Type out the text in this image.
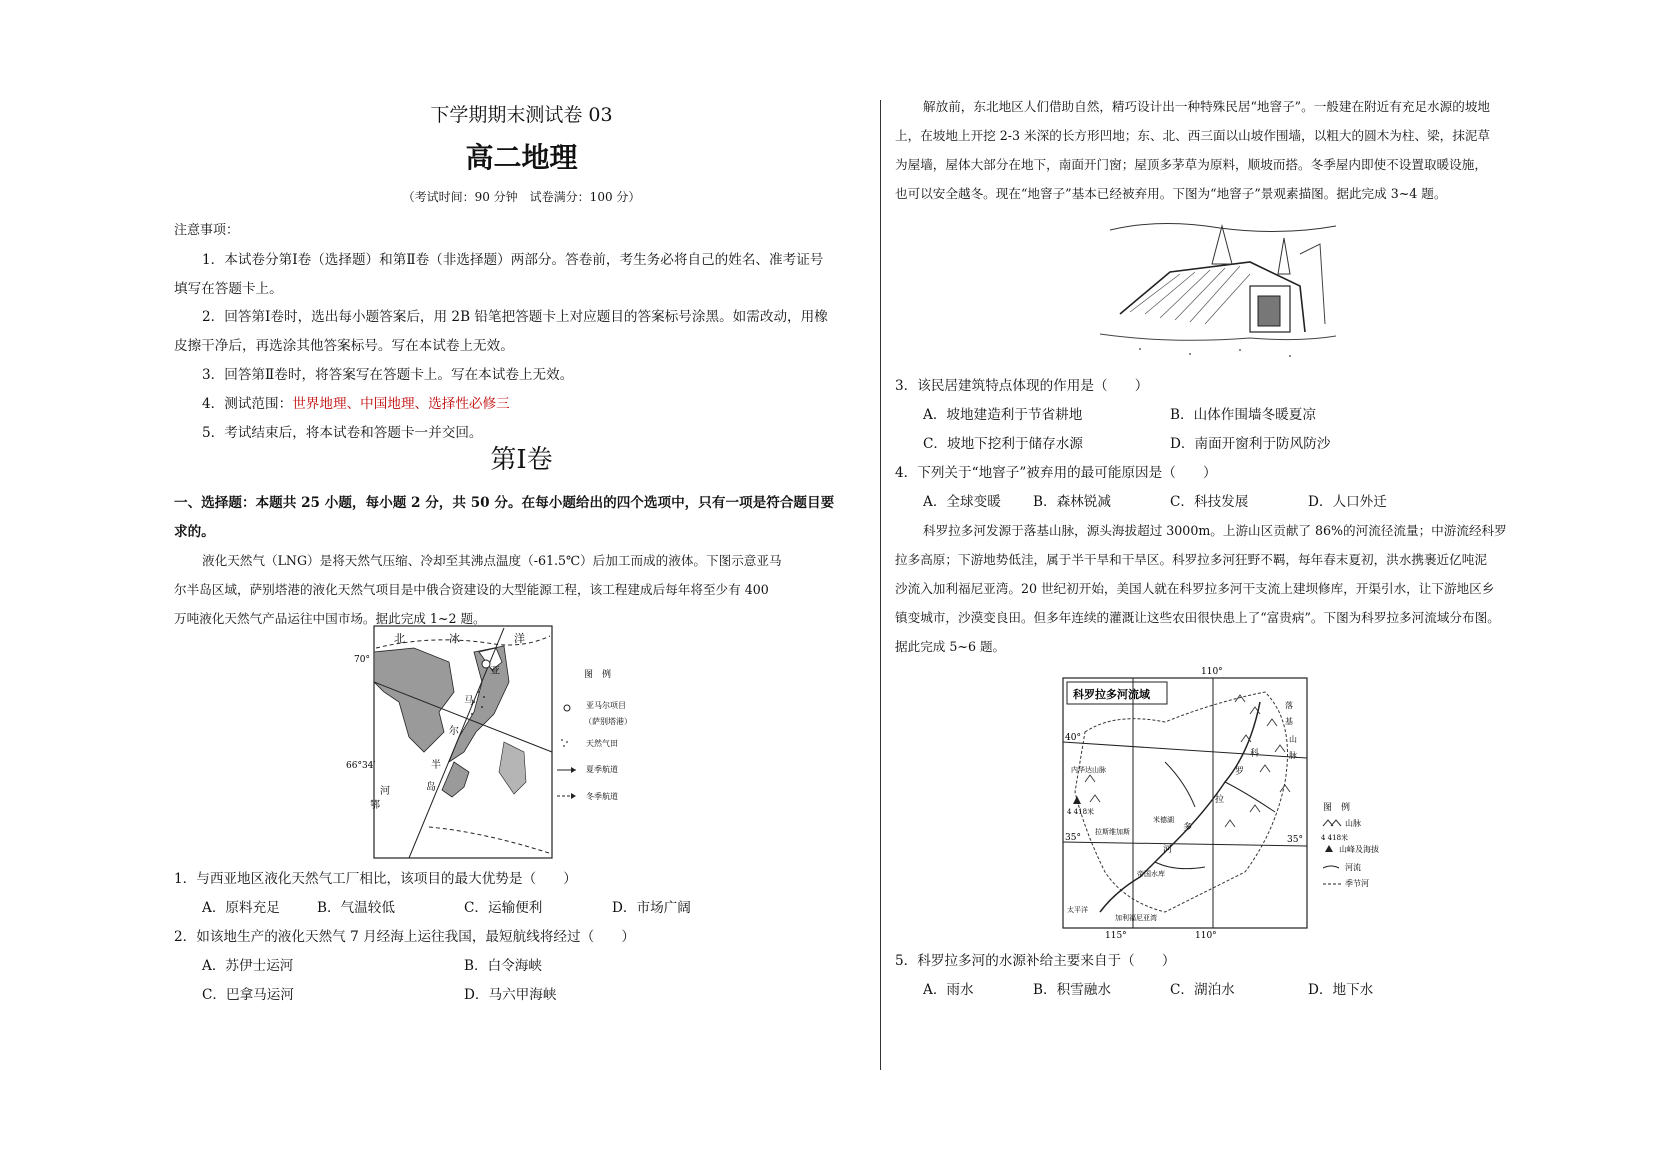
下学期期末测试卷 03
高二地理
（考试时间：90 分钟　试卷满分：100 分）
注意事项：
1．本试卷分第Ⅰ卷（选择题）和第Ⅱ卷（非选择题）两部分。答卷前，考生务必将自己的姓名、准考证号
填写在答题卡上。
2．回答第Ⅰ卷时，选出每小题答案后，用 2B 铅笔把答题卡上对应题目的答案标号涂黑。如需改动，用橡
皮擦干净后，再选涂其他答案标号。写在本试卷上无效。
3．回答第Ⅱ卷时，将答案写在答题卡上。写在本试卷上无效。
4．测试范围：世界地理、中国地理、选择性必修三
5．考试结束后，将本试卷和答题卡一并交回。
第Ⅰ卷
一、选择题：本题共 25 小题，每小题 2 分，共 50 分。在每小题给出的四个选项中，只有一项是符合题目要
求的。
液化天然气（LNG）是将天然气压缩、冷却至其沸点温度（-61.5℃）后加工而成的液体。下图示意亚马
尔半岛区域，萨别塔港的液化天然气项目是中俄合资建设的大型能源工程，该工程建成后每年将至少有 400
万吨液化天然气产品运往中国市场。据此完成 1~2 题。
北	冰	洋
70°
66°34′
亚
马
尔
半
岛
河
鄂
图　例
亚马尔项目
（萨别塔港）
天然气田
夏季航道
冬季航道
1．与西亚地区液化天然气工厂相比，该项目的最大优势是（　　）
A．原料充足	B．气温较低	C．运输便利	D．市场广阔
2．如该地生产的液化天然气 7 月经海上运往我国，最短航线将经过（　　）
A．苏伊士运河	B．白令海峡
C．巴拿马运河	D．马六甲海峡
解放前，东北地区人们借助自然，精巧设计出一种特殊民居“地窨子”。一般建在附近有充足水源的坡地
上，在坡地上开挖 2-3 米深的长方形凹地；东、北、西三面以山坡作围墙，以粗大的圆木为柱、梁，抹泥草
为屋墙，屋体大部分在地下，南面开门窗；屋顶多茅草为原料，顺坡而搭。冬季屋内即使不设置取暖设施，
也可以安全越冬。现在“地窨子”基本已经被弃用。下图为“地窨子”景观素描图。据此完成 3~4 题。
3．该民居建筑特点体现的作用是（　　）
A．坡地建造利于节省耕地	B．山体作围墙冬暖夏凉
C．坡地下挖利于储存水源	D．南面开窗利于防风防沙
4．下列关于“地窨子”被弃用的最可能原因是（　　）
A．全球变暖 B．森林锐减	C．科技发展	D．人口外迁
科罗拉多河发源于落基山脉，源头海拔超过 3000m。上游山区贡献了 86%的河流径流量；中游流经科罗
拉多高原；下游地势低洼，属于半干旱和干旱区。科罗拉多河狂野不羁，每年春末夏初，洪水携裹近亿吨泥
沙流入加利福尼亚湾。20 世纪初开始，美国人就在科罗拉多河干支流上建坝修库，开渠引水，让下游地区乡
镇变城市，沙漠变良田。但多年连续的灌溉让这些农田很快患上了“富贵病”。下图为科罗拉多河流域分布图。
据此完成 5~6 题。
科罗拉多河流域
110°
40°
35°	35°
115°	110°
4 418米
内华达山脉
科
罗
拉
多
河
落
基
山
脉
拉斯维加斯
米德湖
帝国水库
太平洋
加利福尼亚湾
图　例
山脉
4 418米
山峰及海拔
河流
季节河
5．科罗拉多河的水源补给主要来自于（　　）
A．雨水	B．积雪融水	C．湖泊水	D．地下水
